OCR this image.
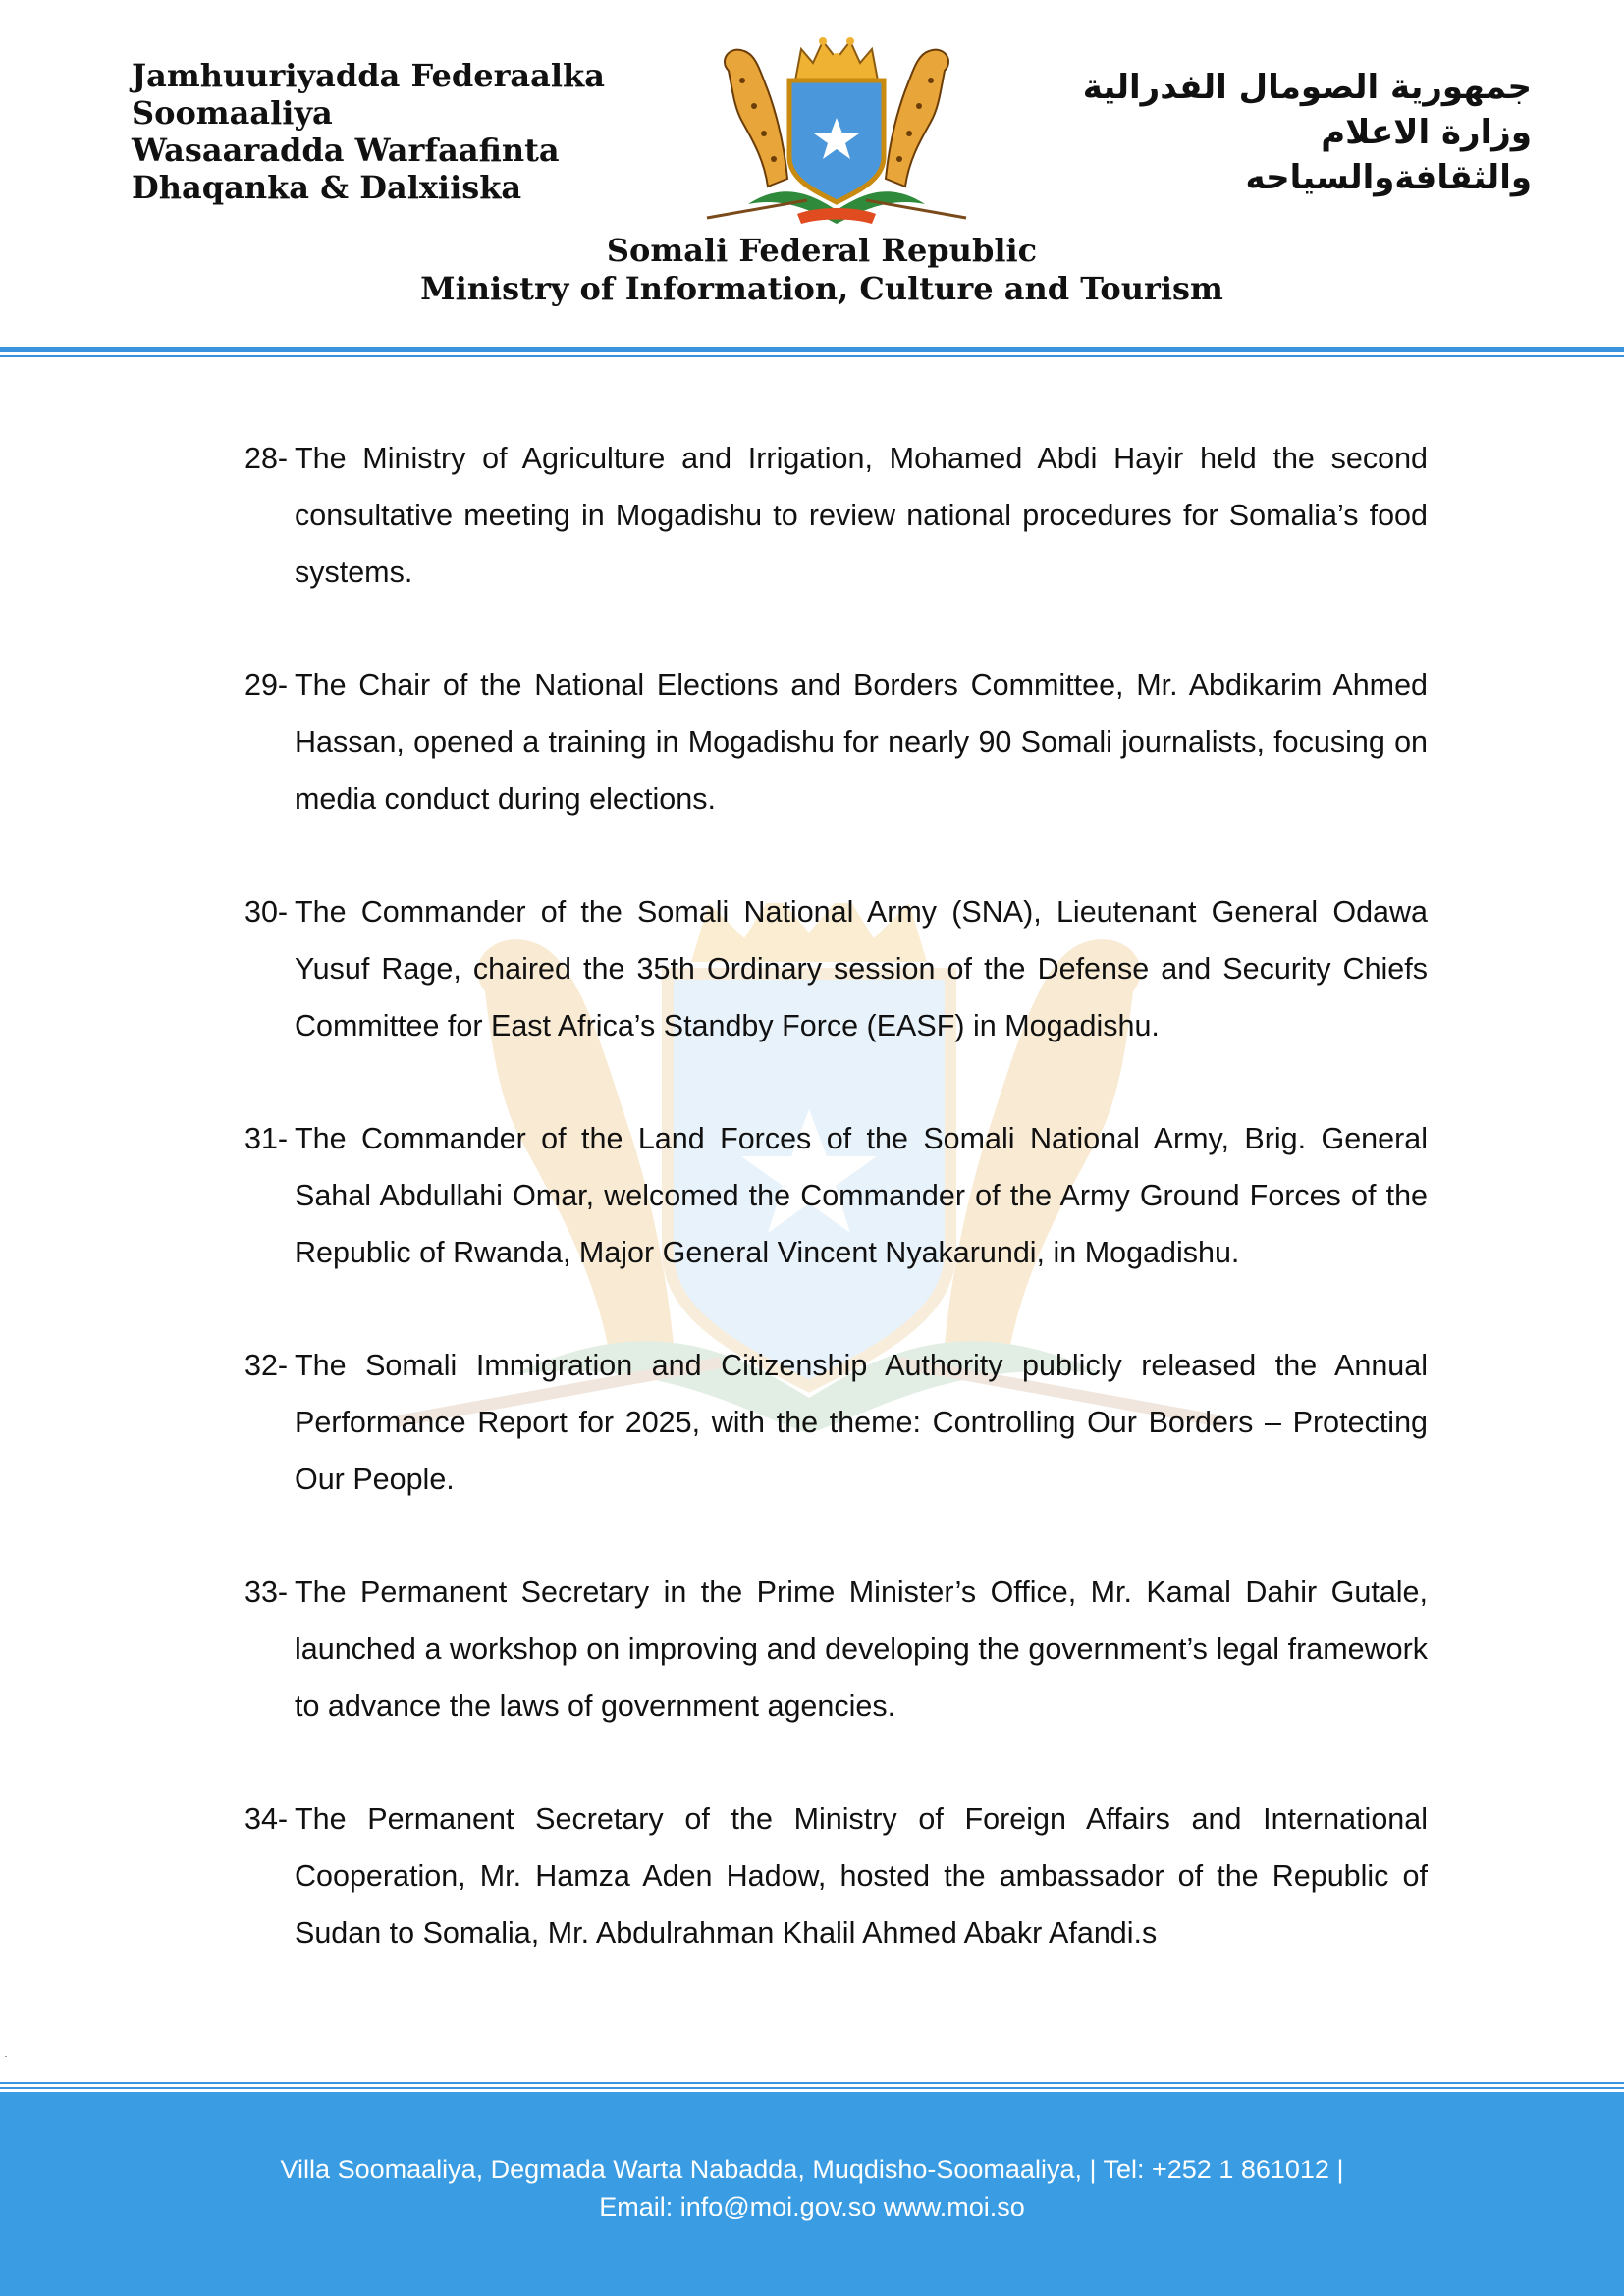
Jamhuuriyadda Federaalka
Soomaaliya
Wasaaradda Warfaafinta
Dhaqanka & Dalxiiska
جمهورية الصومال الفدرالية
وزارة الاعلام
والثقافةوالسياحه
Somali Federal Republic
Ministry of Information, Culture and Tourism
28- The Ministry of Agriculture and Irrigation, Mohamed Abdi Hayir held the second consultative meeting in Mogadishu to review national procedures for Somalia’s food systems.
29- The Chair of the National Elections and Borders Committee, Mr. Abdikarim Ahmed Hassan, opened a training in Mogadishu for nearly 90 Somali journalists, focusing on media conduct during elections.
30- The Commander of the Somali National Army (SNA), Lieutenant General Odawa Yusuf Rage, chaired the 35th Ordinary session of the Defense and Security Chiefs Committee for East Africa’s Standby Force (EASF) in Mogadishu.
31- The Commander of the Land Forces of the Somali National Army, Brig. General Sahal Abdullahi Omar, welcomed the Commander of the Army Ground Forces of the Republic of Rwanda, Major General Vincent Nyakarundi, in Mogadishu.
32- The Somali Immigration and Citizenship Authority publicly released the Annual Performance Report for 2025, with the theme: Controlling Our Borders – Protecting Our People.
33- The Permanent Secretary in the Prime Minister’s Office, Mr. Kamal Dahir Gutale, launched a workshop on improving and developing the government’s legal framework to advance the laws of government agencies.
34- The Permanent Secretary of the Ministry of Foreign Affairs and International Cooperation, Mr. Hamza Aden Hadow, hosted the ambassador of the Republic of Sudan to Somalia, Mr. Abdulrahman Khalil Ahmed Abakr Afandi.s
.
Villa Soomaaliya, Degmada Warta Nabadda, Muqdisho-Soomaaliya, | Tel: +252 1 861012 |
Email: info@moi.gov.so www.moi.so
